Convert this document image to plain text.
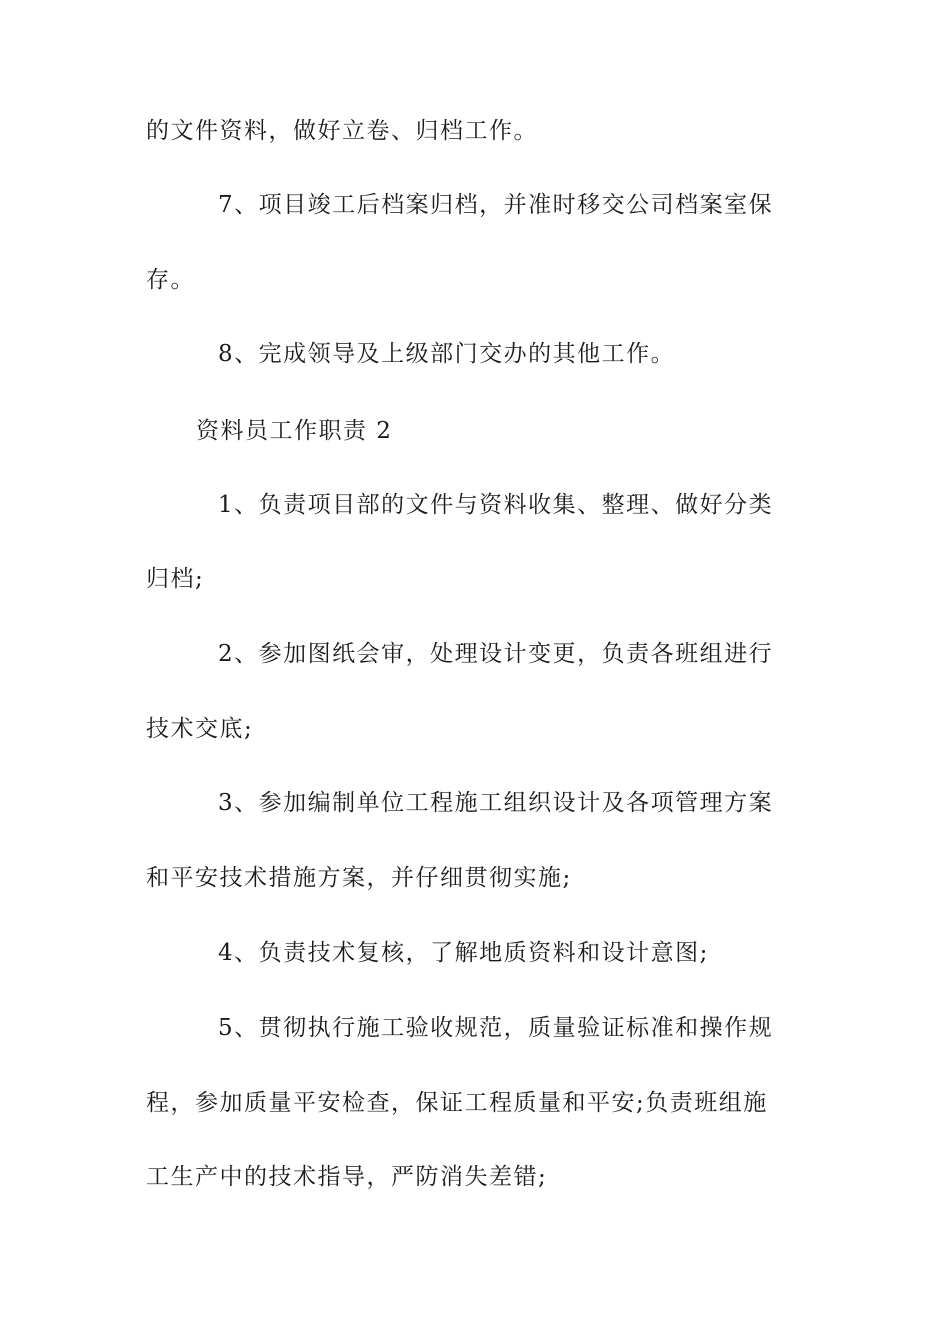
的文件资料，做好立卷、归档工作。

7、项目竣工后档案归档，并准时移交公司档案室保

存。

8、完成领导及上级部门交办的其他工作。

资料员工作职责 2

1、负责项目部的文件与资料收集、整理、做好分类

归档;

2、参加图纸会审，处理设计变更，负责各班组进行

技术交底;

3、参加编制单位工程施工组织设计及各项管理方案

和平安技术措施方案，并仔细贯彻实施;

4、负责技术复核，了解地质资料和设计意图;

5、贯彻执行施工验收规范，质量验证标准和操作规

程，参加质量平安检查，保证工程质量和平安;负责班组施

工生产中的技术指导，严防消失差错;
